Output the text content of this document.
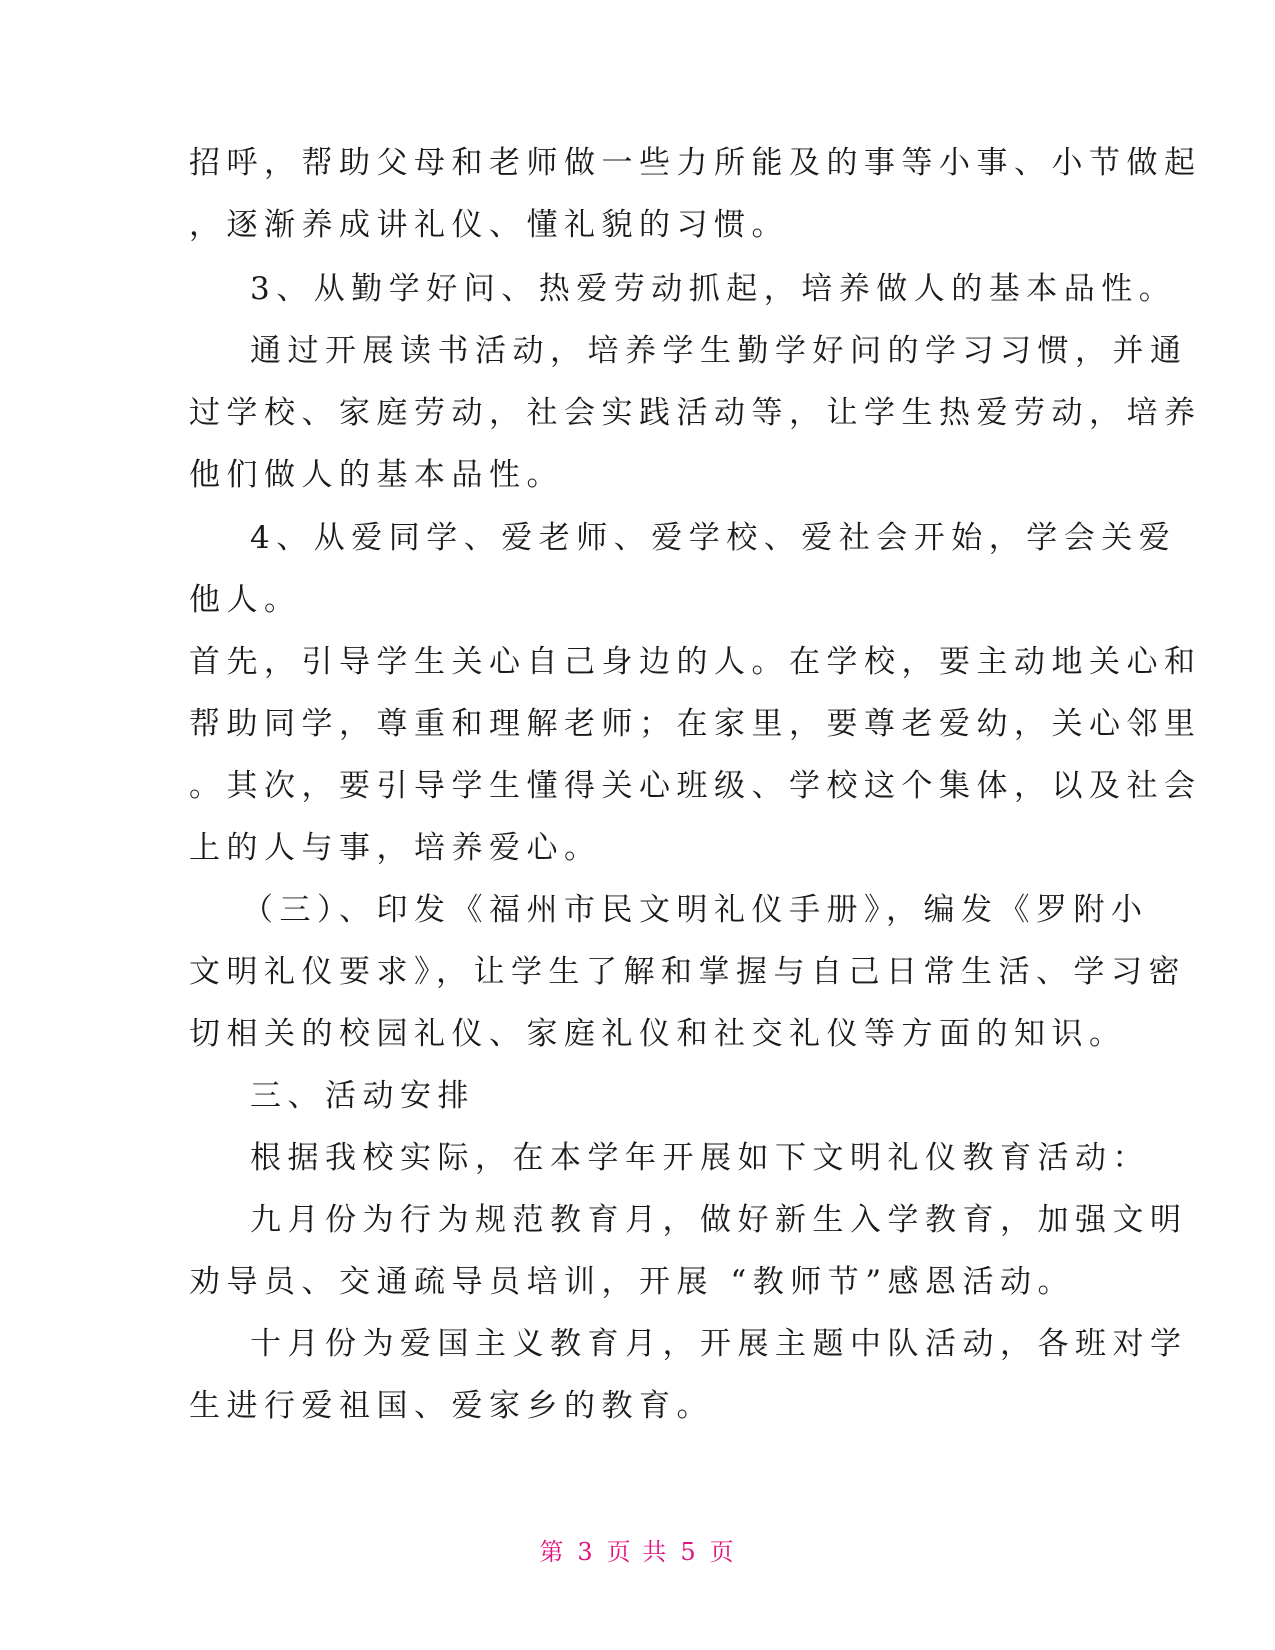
招呼，帮助父母和老师做一些力所能及的事等小事、小节做起
，逐渐养成讲礼仪、懂礼貌的习惯。
3、从勤学好问、热爱劳动抓起，培养做人的基本品性。
通过开展读书活动，培养学生勤学好问的学习习惯，并通
过学校、家庭劳动，社会实践活动等，让学生热爱劳动，培养
他们做人的基本品性。
4、从爱同学、爱老师、爱学校、爱社会开始，学会关爱
他人。
首先，引导学生关心自己身边的人。在学校，要主动地关心和
帮助同学，尊重和理解老师；在家里，要尊老爱幼，关心邻里
。其次，要引导学生懂得关心班级、学校这个集体，以及社会
上的人与事，培养爱心。
（三）、印发《福州市民文明礼仪手册》，编发《罗附小
文明礼仪要求》，让学生了解和掌握与自己日常生活、学习密
切相关的校园礼仪、家庭礼仪和社交礼仪等方面的知识。
三、活动安排
根据我校实际，在本学年开展如下文明礼仪教育活动：
九月份为行为规范教育月，做好新生入学教育，加强文明
劝导员、交通疏导员培训，开展 “教师节”感恩活动。
十月份为爱国主义教育月，开展主题中队活动，各班对学
生进行爱祖国、爱家乡的教育。
第 3 页 共 5 页
